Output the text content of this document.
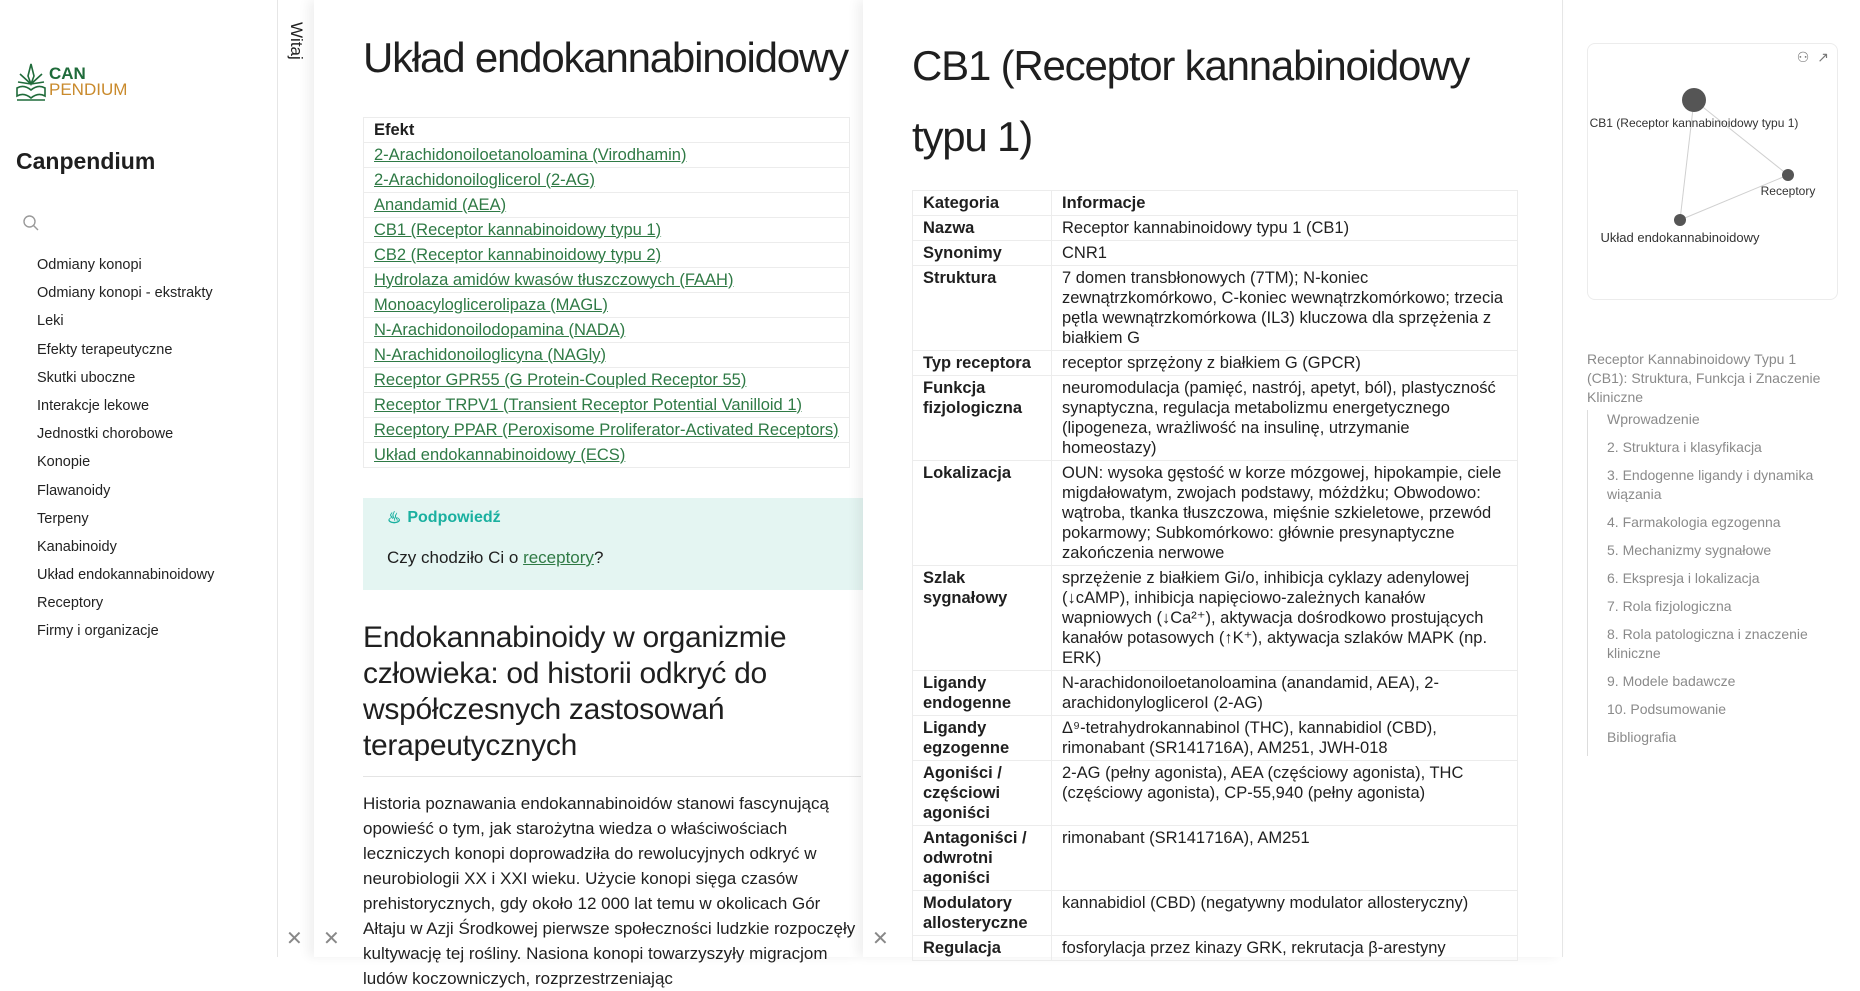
CAN
PENDIUM
Canpendium
Odmiany konopi
Odmiany konopi - ekstrakty
Leki
Efekty terapeutyczne
Skutki uboczne
Interakcje lekowe
Jednostki chorobowe
Konopie
Flawanoidy
Terpeny
Kanabinoidy
Układ endokannabinoidowy
Receptory
Firmy i organizacje
Witaj
✕
Układ endokannabinoidowy
Efekt
2-Arachidonoiloetanoloamina (Virodhamin)
2-Arachidonoiloglicerol (2-AG)
Anandamid (AEA)
CB1 (Receptor kannabinoidowy typu 1)
CB2 (Receptor kannabinoidowy typu 2)
Hydrolaza amidów kwasów tłuszczowych (FAAH)
Monoacyloglicerolipaza (MAGL)
N-Arachidonoilodopamina (NADA)
N-Arachidonoiloglicyna (NAGly)
Receptor GPR55 (G Protein-Coupled Receptor 55)
Receptor TRPV1 (Transient Receptor Potential Vanilloid 1)
Receptory PPAR (Peroxisome Proliferator-Activated Receptors)
Układ endokannabinoidowy (ECS)
♨ Podpowiedź
Czy chodziło Ci o receptory?
Endokannabinoidy w organizmie człowieka: od historii odkryć do współczesnych zastosowań terapeutycznych

Historia poznawania endokannabinoidów stanowi fascynującą opowieść o tym, jak starożytna wiedza o właściwościach leczniczych konopi doprowadziła do rewolucyjnych odkryć w neurobiologii XX i XXI wieku. Użycie konopi sięga czasówprehistorycznych, gdy około 12 000 lat temu w okolicach Gór Ałtaju w Azji Środkowej pierwsze społeczności ludzkie rozpoczęły kultywację tej rośliny. Nasiona konopi towarzyszyły migracjom ludów koczowniczych, rozprzestrzeniając

✕
CB1 (Receptor kannabinoidowy typu 1)
Kategoria	Informacje
Nazwa	Receptor kannabinoidowy typu 1 (CB1)
Synonimy	CNR1
Struktura	7 domen transbłonowych (7TM); N-koniec zewnątrzkomórkowo, C-koniec wewnątrzkomórkowo; trzecia pętla wewnątrzkomórkowa (IL3) kluczowa dla sprzężenia z białkiem G
Typ receptora	receptor sprzężony z białkiem G (GPCR)
Funkcja fizjologiczna	neuromodulacja (pamięć, nastrój, apetyt, ból), plastyczność synaptyczna, regulacja metabolizmu energetycznego (lipogeneza, wrażliwość na insulinę, utrzymanie homeostazy)
Lokalizacja	OUN: wysoka gęstość w korze mózgowej, hipokampie, ciele migdałowatym, zwojach podstawy, móżdżku; Obwodowo: wątroba, tkanka tłuszczowa, mięśnie szkieletowe, przewód pokarmowy; Subkomórkowo: głównie presynaptyczne zakończenia nerwowe
Szlak sygnałowy	sprzężenie z białkiem Gi/o, inhibicja cyklazy adenylowej (↓cAMP), inhibicja napięciowo-zależnych kanałów wapniowych (↓Ca²⁺), aktywacja dośrodkowo prostujących kanałów potasowych (↑K⁺), aktywacja szlaków MAPK (np. ERK)
Ligandy endogenne	N-arachidonoiloetanoloamina (anandamid, AEA), 2-arachidonylogliceroI (2-AG)
Ligandy egzogenne	Δ⁹-tetrahydrokannabinol (THC), kannabidiol (CBD), rimonabant (SR141716A), AM251, JWH-018
Agoniści / częściowi agoniści	2-AG (pełny agonista), AEA (częściowy agonista), THC (częściowy agonista), CP-55,940 (pełny agonista)
Antagoniści / odwrotni agoniści	rimonabant (SR141716A), AM251
Modulatory allosteryczne	kannabidiol (CBD) (negatywny modulator allosteryczny)
Regulacja	fosforylacja przez kinazy GRK, rekrutacja β-arestyny
✕
⚇ ↗
CB1 (Receptor kannabinoidowy typu 1)
Receptory
Układ endokannabinoidowy
Receptor Kannabinoidowy Typu 1 (CB1): Struktura, Funkcja i Znaczenie Kliniczne
Wprowadzenie
2. Struktura i klasyfikacja
3. Endogenne ligandy i dynamika wiązania
4. Farmakologia egzogenna
5. Mechanizmy sygnałowe
6. Ekspresja i lokalizacja
7. Rola fizjologiczna
8. Rola patologiczna i znaczenie kliniczne
9. Modele badawcze
10. Podsumowanie
Bibliografia
